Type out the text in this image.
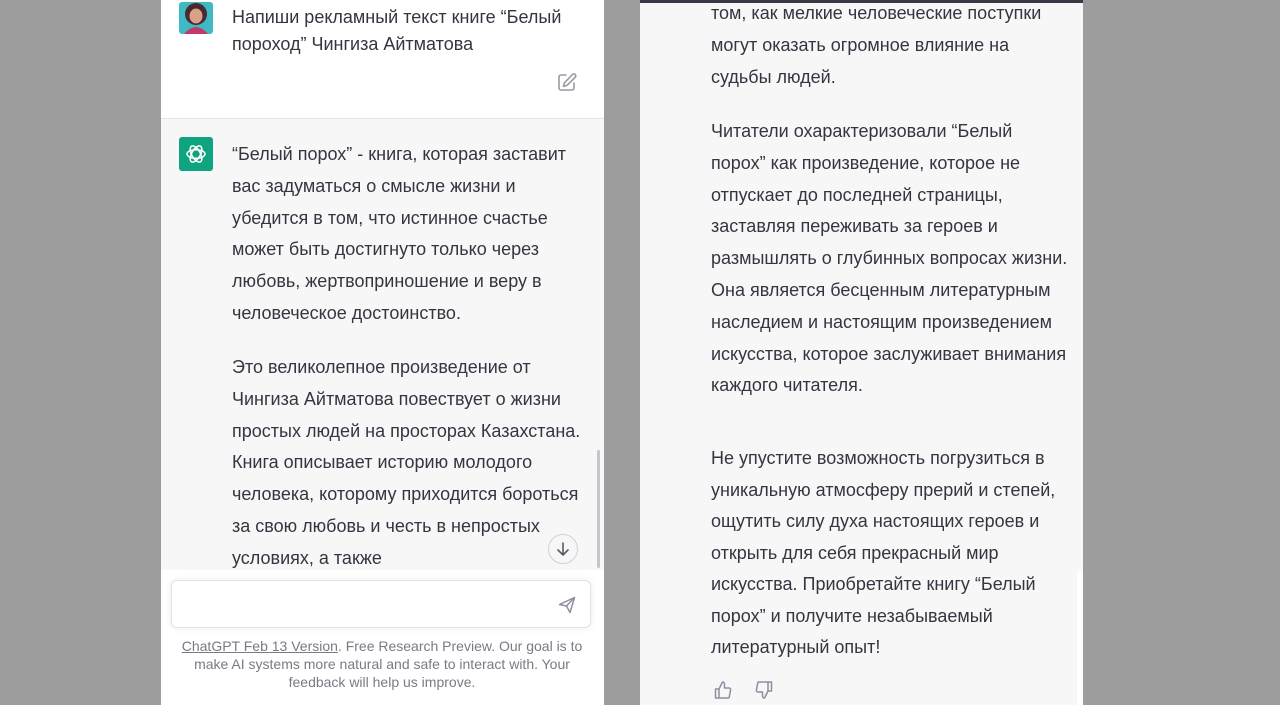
Напиши рекламный текст книге “Белый пороход” Чингиза Айтматова

“Белый порох” - книга, которая заставит вас задуматься о смысле жизни и убедится в том, что истинное счастье может быть достигнуто только через любовь, жертвоприношение и веру в человеческое достоинство.

Это великолепное произведение от Чингиза Айтматова повествует о жизни простых людей на просторах Казахстана. Книга описывает историю молодого человека, которому приходится бороться за свою любовь и честь в непростых условиях, а также

ChatGPT Feb 13 Version. Free Research Preview. Our goal is to make AI systems more natural and safe to interact with. Your feedback will help us improve.

том, как мелкие человеческие поступки могут оказать огромное влияние на судьбы людей.

Читатели охарактеризовали “Белый порох” как произведение, которое не отпускает до последней страницы, заставляя переживать за героев и размышлять о глубинных вопросах жизни. Она является бесценным литературным наследием и настоящим произведением искусства, которое заслуживает внимания каждого читателя.

Не упустите возможность погрузиться в уникальную атмосферу прерий и степей, ощутить силу духа настоящих героев и открыть для себя прекрасный мир искусства. Приобретайте книгу “Белый порох” и получите незабываемый литературный опыт!
